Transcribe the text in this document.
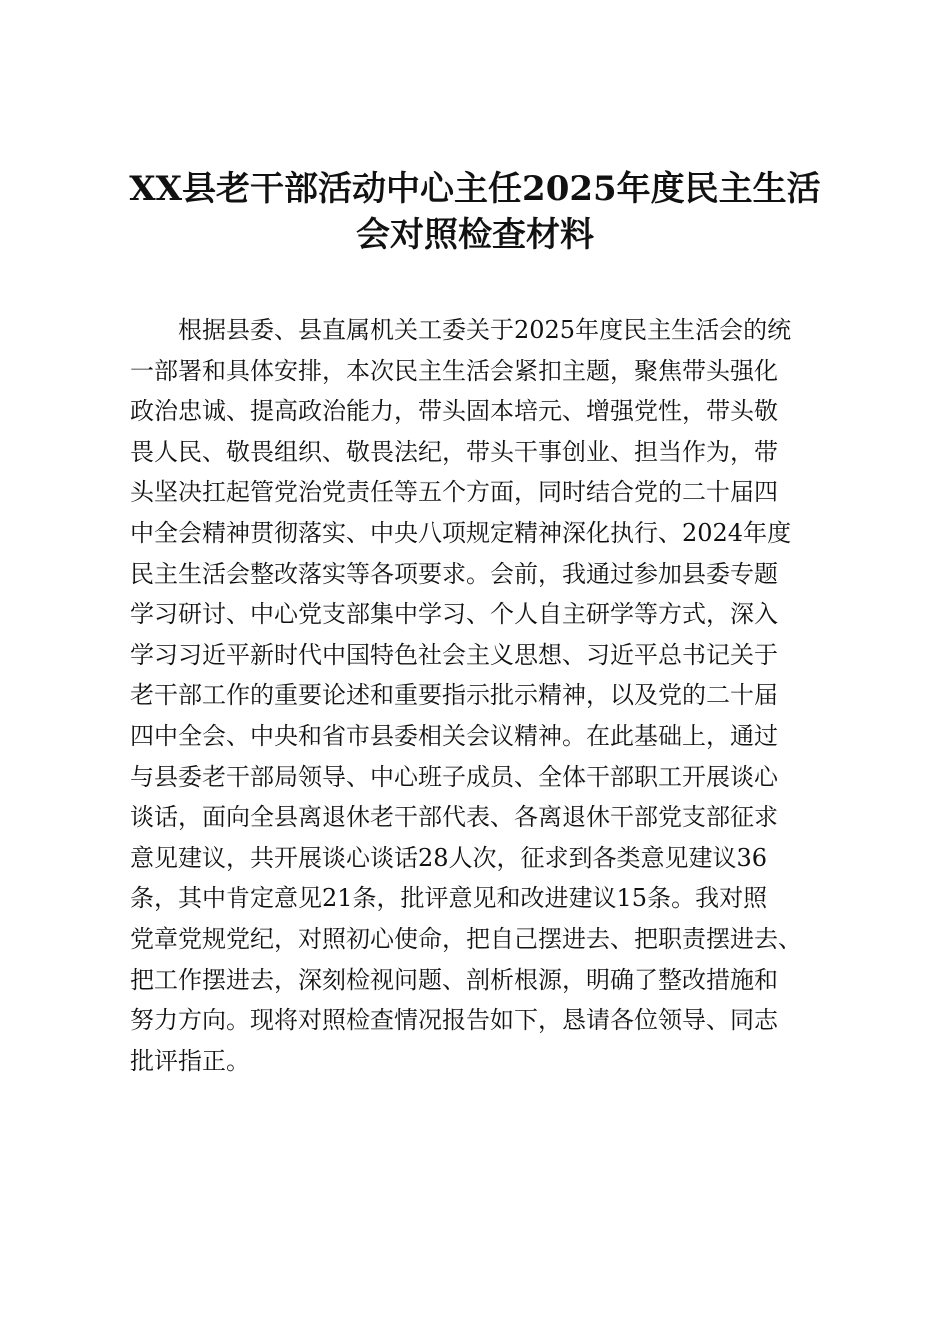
XX县老干部活动中心主任2025年度民主生活
会对照检查材料
根据县委、县直属机关工委关于2025年度民主生活会的统
一部署和具体安排，本次民主生活会紧扣主题，聚焦带头强化
政治忠诚、提高政治能力，带头固本培元、增强党性，带头敬
畏人民、敬畏组织、敬畏法纪，带头干事创业、担当作为，带
头坚决扛起管党治党责任等五个方面，同时结合党的二十届四
中全会精神贯彻落实、中央八项规定精神深化执行、2024年度
民主生活会整改落实等各项要求。会前，我通过参加县委专题
学习研讨、中心党支部集中学习、个人自主研学等方式，深入
学习习近平新时代中国特色社会主义思想、习近平总书记关于
老干部工作的重要论述和重要指示批示精神，以及党的二十届
四中全会、中央和省市县委相关会议精神。在此基础上，通过
与县委老干部局领导、中心班子成员、全体干部职工开展谈心
谈话，面向全县离退休老干部代表、各离退休干部党支部征求
意见建议，共开展谈心谈话28人次，征求到各类意见建议36
条，其中肯定意见21条，批评意见和改进建议15条。我对照
党章党规党纪，对照初心使命，把自己摆进去、把职责摆进去、
把工作摆进去，深刻检视问题、剖析根源，明确了整改措施和
努力方向。现将对照检查情况报告如下，恳请各位领导、同志
批评指正。
